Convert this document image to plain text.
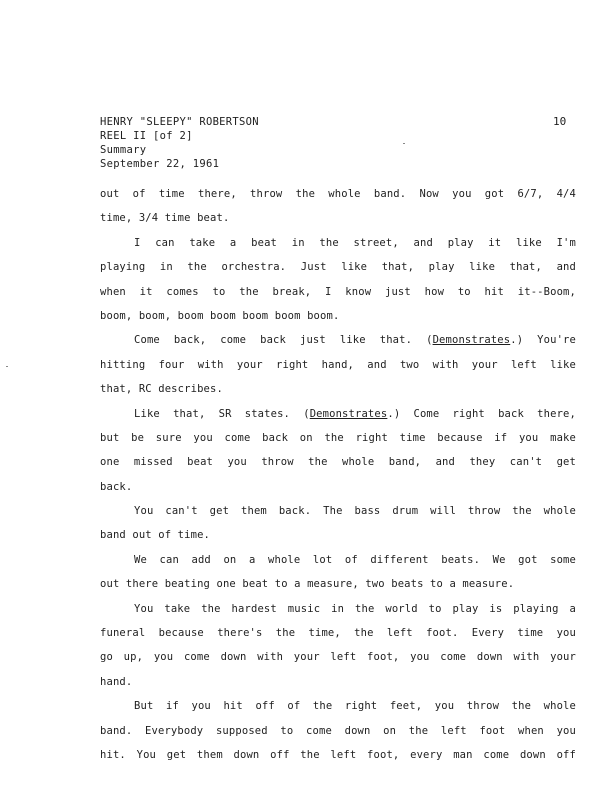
HENRY "SLEEPY" ROBERTSON
REEL II [of 2]
Summary
September 22, 1961
10
out of time there, throw the whole band. Now you got 6/7, 4/4
time, 3/4 time beat.
I can take a beat in the street, and play it like I'm
playing in the orchestra. Just like that, play like that, and
when it comes to the break, I know just how to hit it--Boom,
boom, boom, boom boom boom boom boom.
Come back, come back just like that. (Demonstrates.) You're
hitting four with your right hand, and two with your left like
that, RC describes.
Like that, SR states. (Demonstrates.) Come right back there,
but be sure you come back on the right time because if you make
one missed beat you throw the whole band, and they can't get
back.
You can't get them back. The bass drum will throw the whole
band out of time.
We can add on a whole lot of different beats. We got some
out there beating one beat to a measure, two beats to a measure.
You take the hardest music in the world to play is playing a
funeral because there's the time, the left foot. Every time you
go up, you come down with your left foot, you come down with your
hand.
But if you hit off of the right feet, you throw the whole
band. Everybody supposed to come down on the left foot when you
hit. You get them down off the left foot, every man come down off
